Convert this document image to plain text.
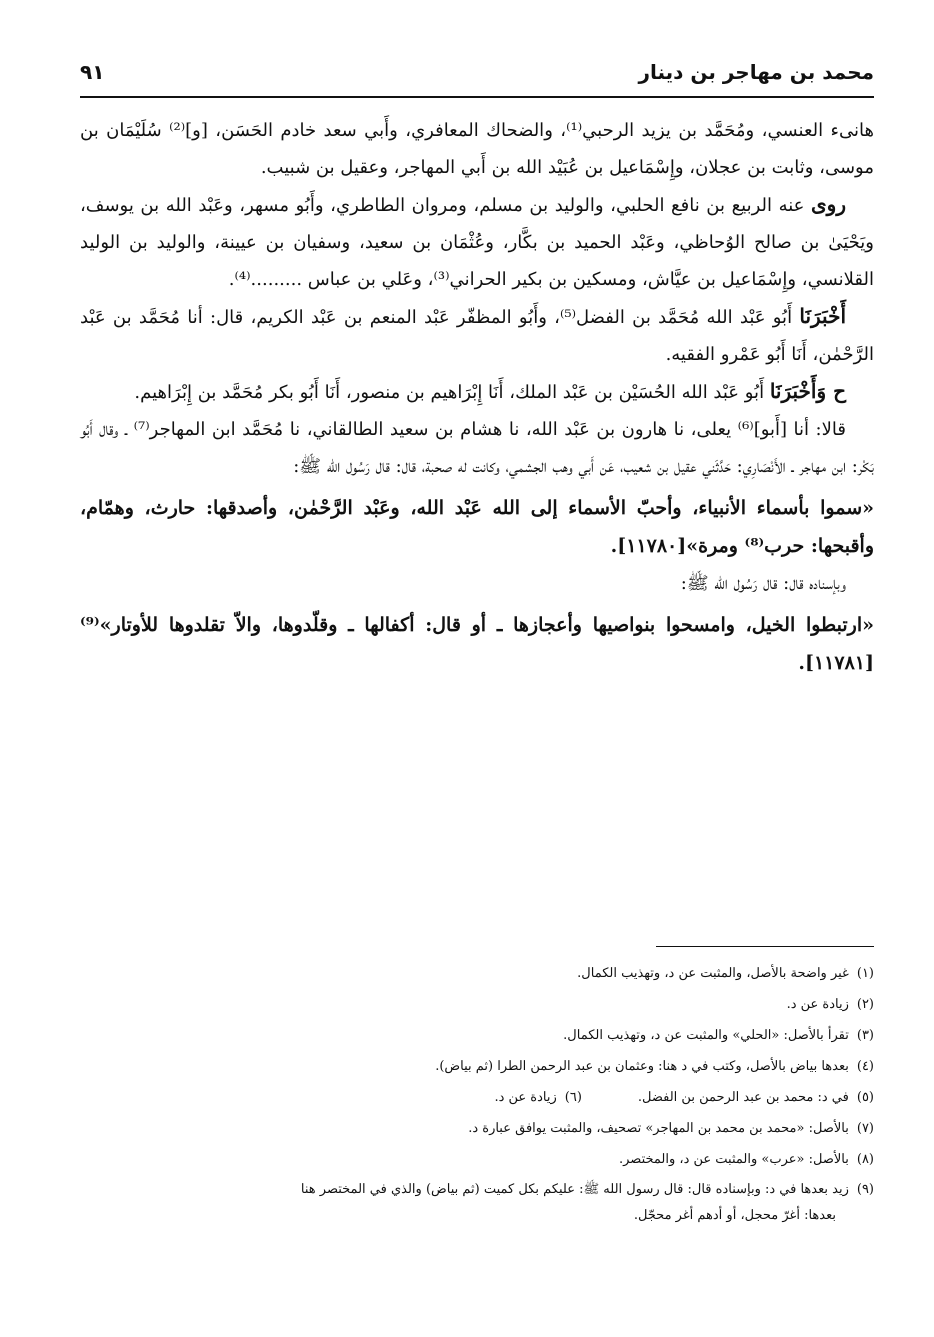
محمد بن مهاجر بن دينار
٩١

هانىء العنسي، ومُحَمَّد بن يزيد الرحبي⁽¹⁾، والضحاك المعافري، وأَبي سعد خادم الحَسَن، [و]⁽²⁾ سُلَيْمَان بن موسى، وثابت بن عجلان، وإِسْمَاعيل بن عُبَيْد الله بن أَبي المهاجر، وعقيل بن شبيب.

روى عنه الربيع بن نافع الحلبي، والوليد بن مسلم، ومروان الطاطري، وأَبُو مسهر، وعَبْد الله بن يوسف، ويَحْيَىٰ بن صالح الوُحاظي، وعَبْد الحميد بن بكَّار، وعُثْمَان بن سعيد، وسفيان بن عيينة، والوليد بن الوليد القلانسي، وإِسْمَاعيل بن عيَّاش، ومسكين بن بكير الحراني⁽³⁾، وعَلي بن عباس .........⁽⁴⁾.

أَخْبَرَنَا أَبُو عَبْد الله مُحَمَّد بن الفضل⁽⁵⁾، وأَبُو المظفّر عَبْد المنعم بن عَبْد الكريم، قال: أنا مُحَمَّد بن عَبْد الرَّحْمٰن، أَنَا أَبُو عَمْرو الفقيه.

ح وَأَخْبَرَنَا أَبُو عَبْد الله الحُسَيْن بن عَبْد الملك، أَنَا إِبْرَاهيم بن منصور، أَنَا أَبُو بكر مُحَمَّد بن إِبْرَاهيم.

قالا: أنا [أَبو]⁽⁶⁾ يعلى، نا هارون بن عَبْد الله، نا هشام بن سعيد الطالقاني، نا مُحَمَّد ابن المهاجر⁽⁷⁾ ـ وقال أَبُو بَكْر: ابن مهاجر ـ الأَنْصَارِي: حَدَّثَني عقيل بن شعيب، عَن أَبي وهب الجشمي، وكانت له صحبة، قال: قال رَسُول الله ﷺ:

«سموا بأسماء الأنبياء، وأحبّ الأسماء إلى الله عَبْد الله، وعَبْد الرَّحْمٰن، وأصدقها: حارث، وهمّام، وأقبحها: حرب⁽⁸⁾ ومرة»[١١٧٨٠].

وبإسناده قال: قال رَسُول الله ﷺ:

«ارتبطوا الخيل، وامسحوا بنواصيها وأعجازها ـ أو قال: أكفالها ـ وقلّدوها، والاّ تقلدوها للأوتار»⁽⁹⁾[١١٧٨١].

(١)
غير واضحة بالأصل، والمثبت عن د، وتهذيب الكمال.

(٢)
زيادة عن د.

(٣)
تقرأ بالأصل: «الحلي» والمثبت عن د، وتهذيب الكمال.

(٤)
بعدها بياض بالأصل، وكتب في د هنا: وعثمان بن عبد الرحمن الطرا (ثم بياض).

(٥)
في د: محمد بن عبد الرحمن بن الفضل.
(٦)
زيادة عن د.

(٧)
بالأصل: «محمد بن محمد بن المهاجر» تصحيف، والمثبت يوافق عبارة د.

(٨)
بالأصل: «عرب» والمثبت عن د، والمختصر.

(٩)
زيد بعدها في د: وبإسناده قال: قال رسول الله ﷺ: عليكم بكل كميت (ثم بياض) والذي في المختصر هنا

بعدها: أغرّ محجل، أو أدهم أغر محجّل.
